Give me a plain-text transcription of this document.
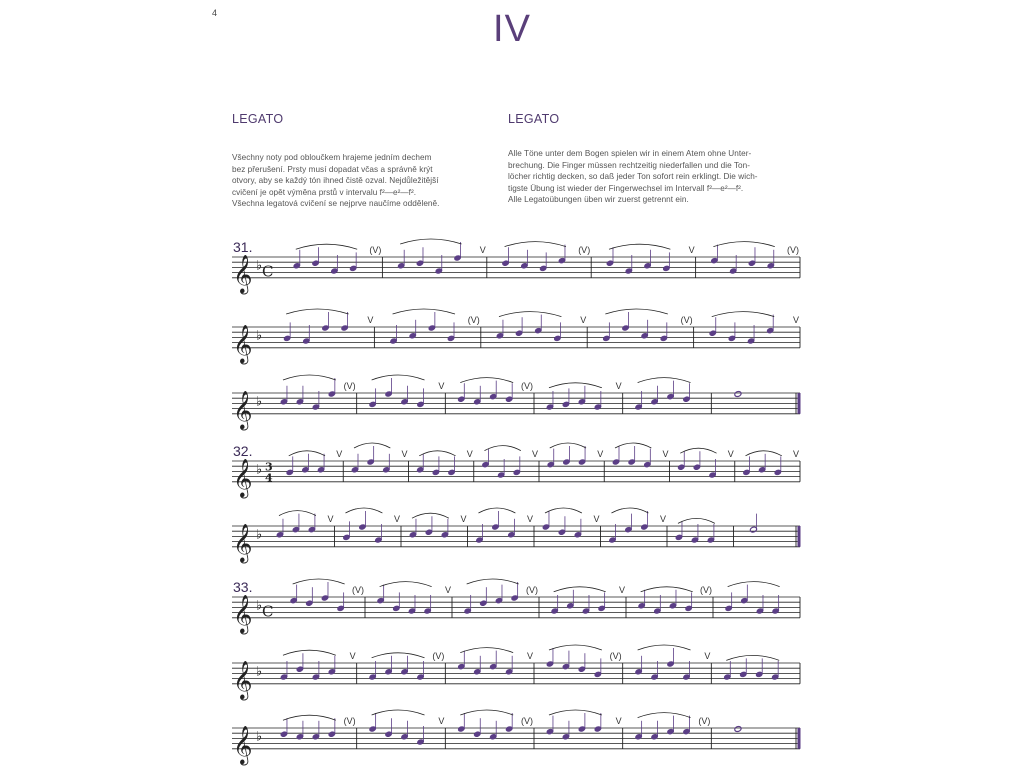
4	IV
LEGATO
Všechny noty pod obloučkem hrajeme jedním dechem
bez přerušení. Prsty musí dopadat včas a správně krýt
otvory, aby se každý tón ihned čistě ozval. Nejdůležitější
cvičení je opět výměna prstů v intervalu f²—e²—f².
Všechna legatová cvičení se nejprve naučíme odděleně.
LEGATO
Alle Töne unter dem Bogen spielen wir in einem Atem ohne Unter-
brechung. Die Finger müssen rechtzeitig niederfallen und die Ton-
löcher richtig decken, so daß jeder Ton sofort rein erklingt. Die wich-
tigste Übung ist wieder der Fingerwechsel im Intervall f²—e²—f².
Alle Legatoübungen üben wir zuerst getrennt ein.
31.
𝄞 ♭ C
(V)	V	(V)	V	(V)
𝄞 ♭
V	(V)	V	(V)	V
𝄞 ♭
(V)	V	(V)	V
32.
𝄞 ♭ 3
4
V	V	V	V	V	V	V	V
𝄞 ♭
V	V	V	V	V	V
33.
𝄞 ♭ C
(V)	V	(V)	V	(V)
𝄞 ♭
V	(V)	V	(V)	V
𝄞 ♭
(V)	V	(V)	V	(V)
